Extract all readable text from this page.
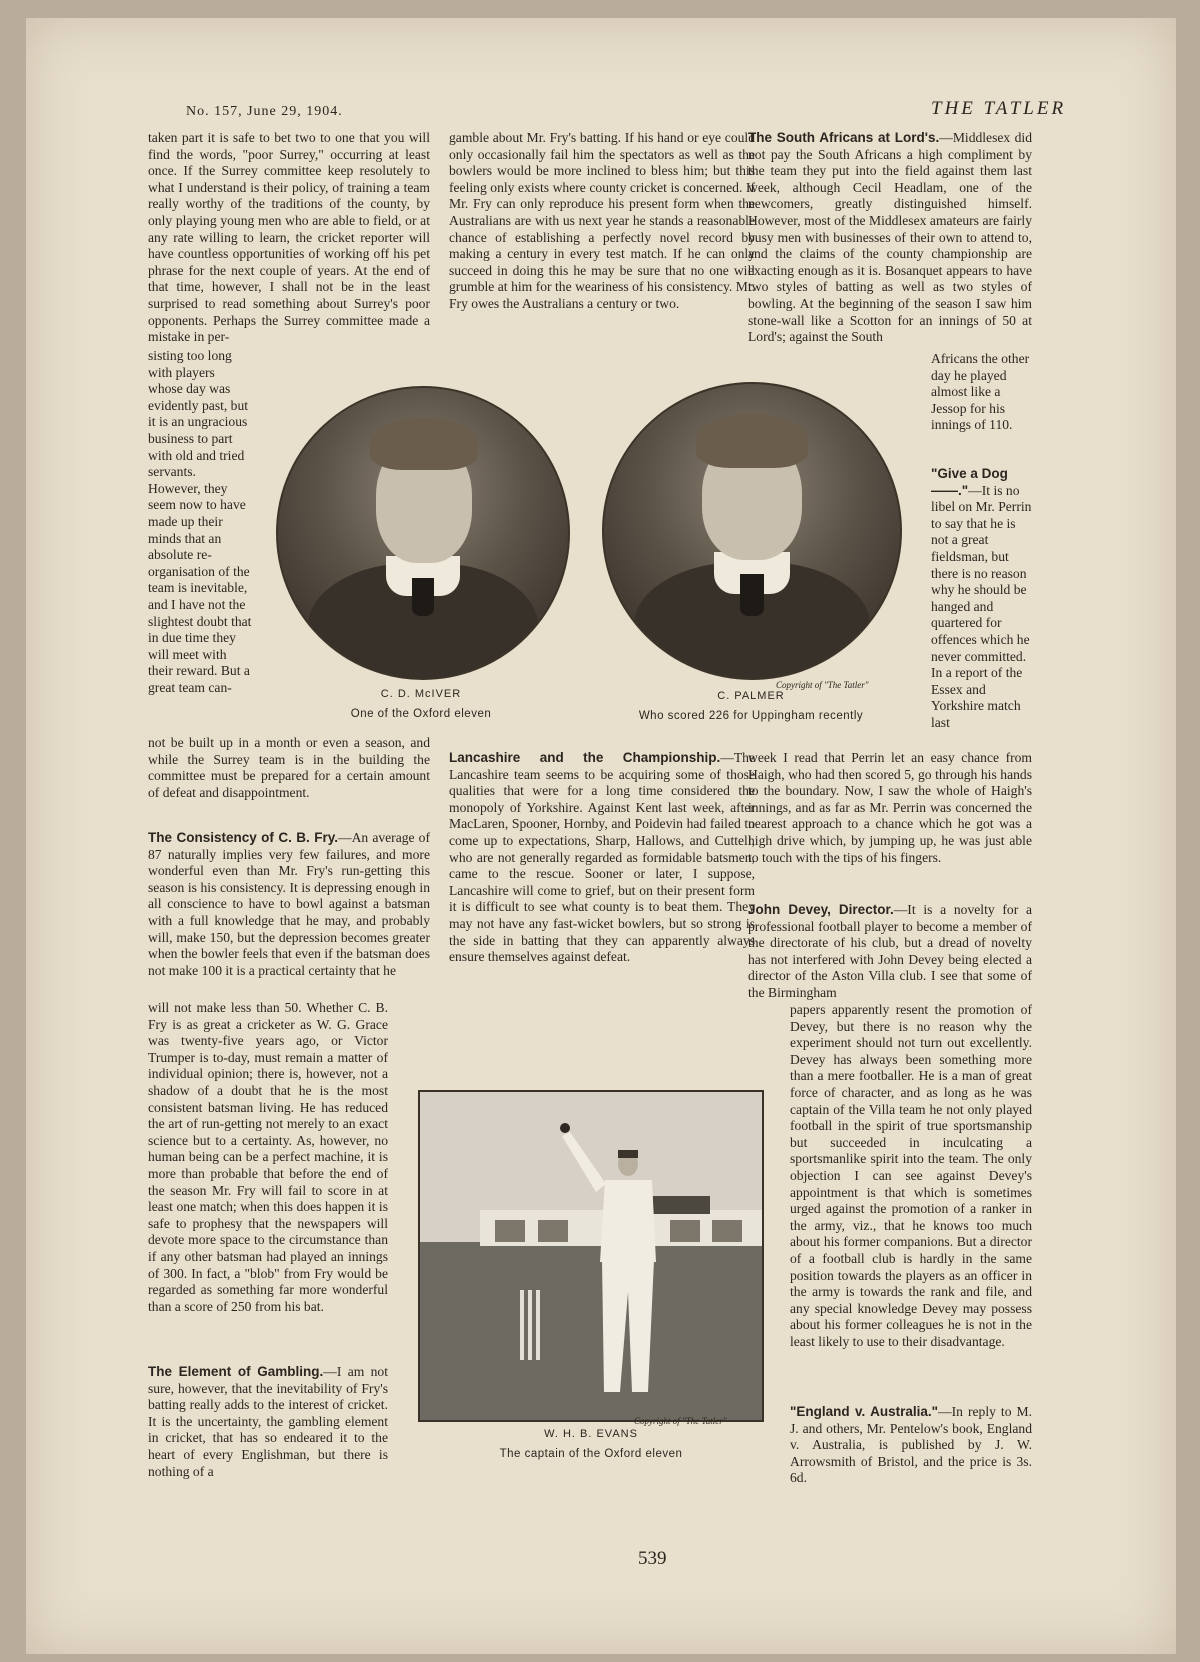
No. 157, June 29, 1904.	THE TATLER
taken part it is safe to bet two to one that you will find the words, "poor Surrey," occurring at least once. If the Surrey committee keep resolutely to what I understand is their policy, of training a team really worthy of the traditions of the county, by only playing young men who are able to field, or at any rate willing to learn, the cricket reporter will have countless opportunities of working off his pet phrase for the next couple of years. At the end of that time, however, I shall not be in the least surprised to read something about Surrey's poor opponents. Perhaps the Surrey committee made a mistake in per-
sisting too long with players whose day was evidently past, but it is an ungracious business to part with old and tried servants. However, they seem now to have made up their minds that an absolute re-organisation of the team is inevitable, and I have not the slightest doubt that in due time they will meet with their reward. But a great team can-
not be built up in a month or even a season, and while the Surrey team is in the building the committee must be prepared for a certain amount of defeat and disappointment.
The Consistency of C. B. Fry.—An average of 87 naturally implies very few failures, and more wonderful even than Mr. Fry's run-getting this season is his consistency. It is depressing enough in all conscience to have to bowl against a batsman with a full knowledge that he may, and probably will, make 150, but the depression becomes greater when the bowler feels that even if the batsman does not make 100 it is a practical certainty that he
will not make less than 50. Whether C. B. Fry is as great a cricketer as W. G. Grace was twenty-five years ago, or Victor Trumper is to-day, must remain a matter of individual opinion; there is, however, not a shadow of a doubt that he is the most consistent batsman living. He has reduced the art of run-getting not merely to an exact science but to a certainty. As, however, no human being can be a perfect machine, it is more than probable that before the end of the season Mr. Fry will fail to score in at least one match; when this does happen it is safe to prophesy that the newspapers will devote more space to the circumstance than if any other batsman had played an innings of 300. In fact, a "blob" from Fry would be regarded as something far more wonderful than a score of 250 from his bat.
The Element of Gambling.—I am not sure, however, that the inevitability of Fry's batting really adds to the interest of cricket. It is the uncertainty, the gambling element in cricket, that has so endeared it to the heart of every Englishman, but there is nothing of a
gamble about Mr. Fry's batting. If his hand or eye could only occasionally fail him the spectators as well as the bowlers would be more inclined to bless him; but this feeling only exists where county cricket is concerned. If Mr. Fry can only reproduce his present form when the Australians are with us next year he stands a reasonable chance of establishing a perfectly novel record by making a century in every test match. If he can only succeed in doing this he may be sure that no one will grumble at him for the weariness of his consistency. Mr. Fry owes the Australians a century or two.
Lancashire and the Championship.—The Lancashire team seems to be acquiring some of those qualities that were for a long time considered the monopoly of Yorkshire. Against Kent last week, after MacLaren, Spooner, Hornby, and Poidevin had failed to come up to expectations, Sharp, Hallows, and Cuttell, who are not generally regarded as formidable batsmen, came to the rescue. Sooner or later, I suppose, Lancashire will come to grief, but on their present form it is difficult to see what county is to beat them. They may not have any fast-wicket bowlers, but so strong is the side in batting that they can apparently always ensure themselves against defeat.
The South Africans at Lord's.—Middlesex did not pay the South Africans a high compliment by the team they put into the field against them last week, although Cecil Headlam, one of the newcomers, greatly distinguished himself. However, most of the Middlesex amateurs are fairly busy men with businesses of their own to attend to, and the claims of the county championship are exacting enough as it is. Bosanquet appears to have two styles of batting as well as two styles of bowling. At the beginning of the season I saw him stone-wall like a Scotton for an innings of 50 at Lord's; against the South
Africans the other day he played almost like a Jessop for his innings of 110.
"Give a Dog ——."—It is no libel on Mr. Perrin to say that he is not a great fieldsman, but there is no reason why he should be hanged and quartered for offences which he never committed. In a report of the Essex and Yorkshire match last
week I read that Perrin let an easy chance from Haigh, who had then scored 5, go through his hands to the boundary. Now, I saw the whole of Haigh's innings, and as far as Mr. Perrin was concerned the nearest approach to a chance which he got was a high drive which, by jumping up, he was just able to touch with the tips of his fingers.
John Devey, Director.—It is a novelty for a professional football player to become a member of the directorate of his club, but a dread of novelty has not interfered with John Devey being elected a director of the Aston Villa club. I see that some of the Birmingham
papers apparently resent the promotion of Devey, but there is no reason why the experiment should not turn out excellently. Devey has always been something more than a mere footballer. He is a man of great force of character, and as long as he was captain of the Villa team he not only played football in the spirit of true sportsmanship but succeeded in inculcating a sportsmanlike spirit into the team. The only objection I can see against Devey's appointment is that which is sometimes urged against the promotion of a ranker in the army, viz., that he knows too much about his former companions. But a director of a football club is hardly in the same position towards the players as an officer in the army is towards the rank and file, and any special knowledge Devey may possess about his former colleagues he is not in the least likely to use to their disadvantage.
"England v. Australia."—In reply to M. J. and others, Mr. Pentelow's book, England v. Australia, is published by J. W. Arrowsmith of Bristol, and the price is 3s. 6d.
C. D. McIVER
One of the Oxford eleven
Copyright of "The Tatler"
C. PALMER
Who scored 226 for Uppingham recently
Copyright of "The Tatler"
W. H. B. EVANS
The captain of the Oxford eleven
539
